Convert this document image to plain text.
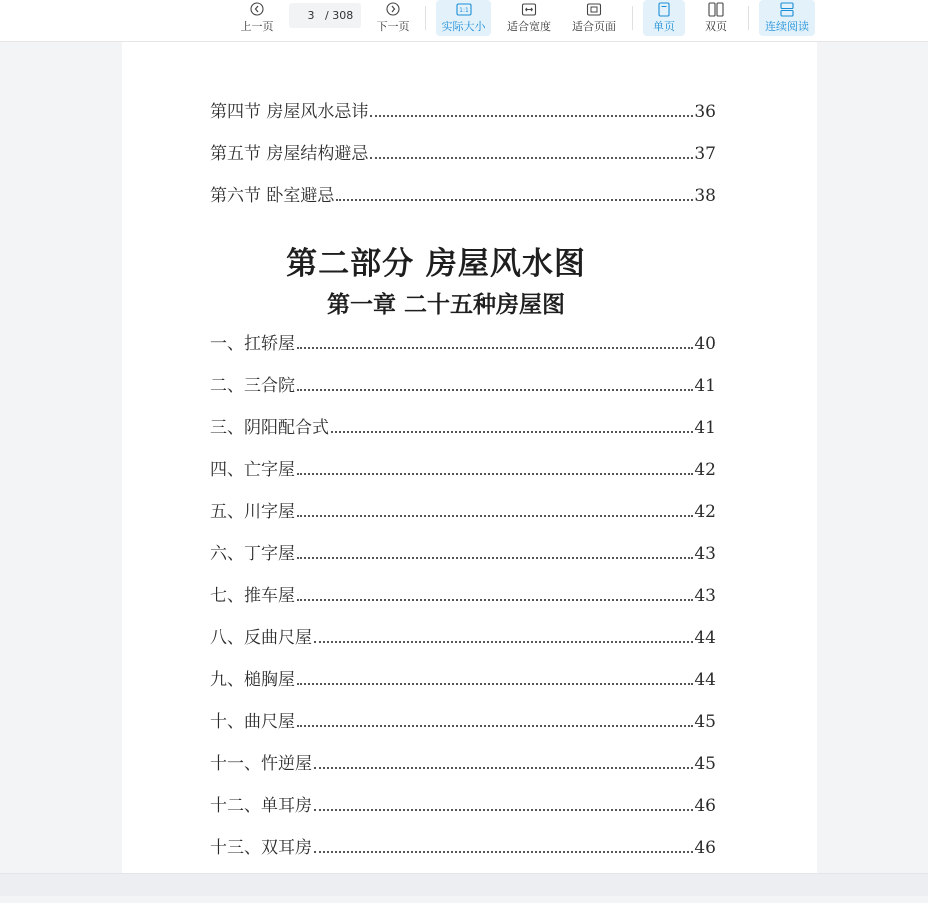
上一页
3
/ 308
下一页
1:1
实际大小 适合宽度 适合页面	单页	双页	连续阅读
第四节 房屋风水忌讳	36
第五节 房屋结构避忌	37
第六节 卧室避忌	38
第二部分 房屋风水图
第一章 二十五种房屋图
一、扛轿屋	40
二、三合院	41
三、阴阳配合式	41
四、亡字屋	42
五、川字屋	42
六、丁字屋	43
七、推车屋	43
八、反曲尺屋	44
九、槌胸屋	44
十、曲尺屋	45
十一、忤逆屋	45
十二、单耳房	46
十三、双耳房	46
